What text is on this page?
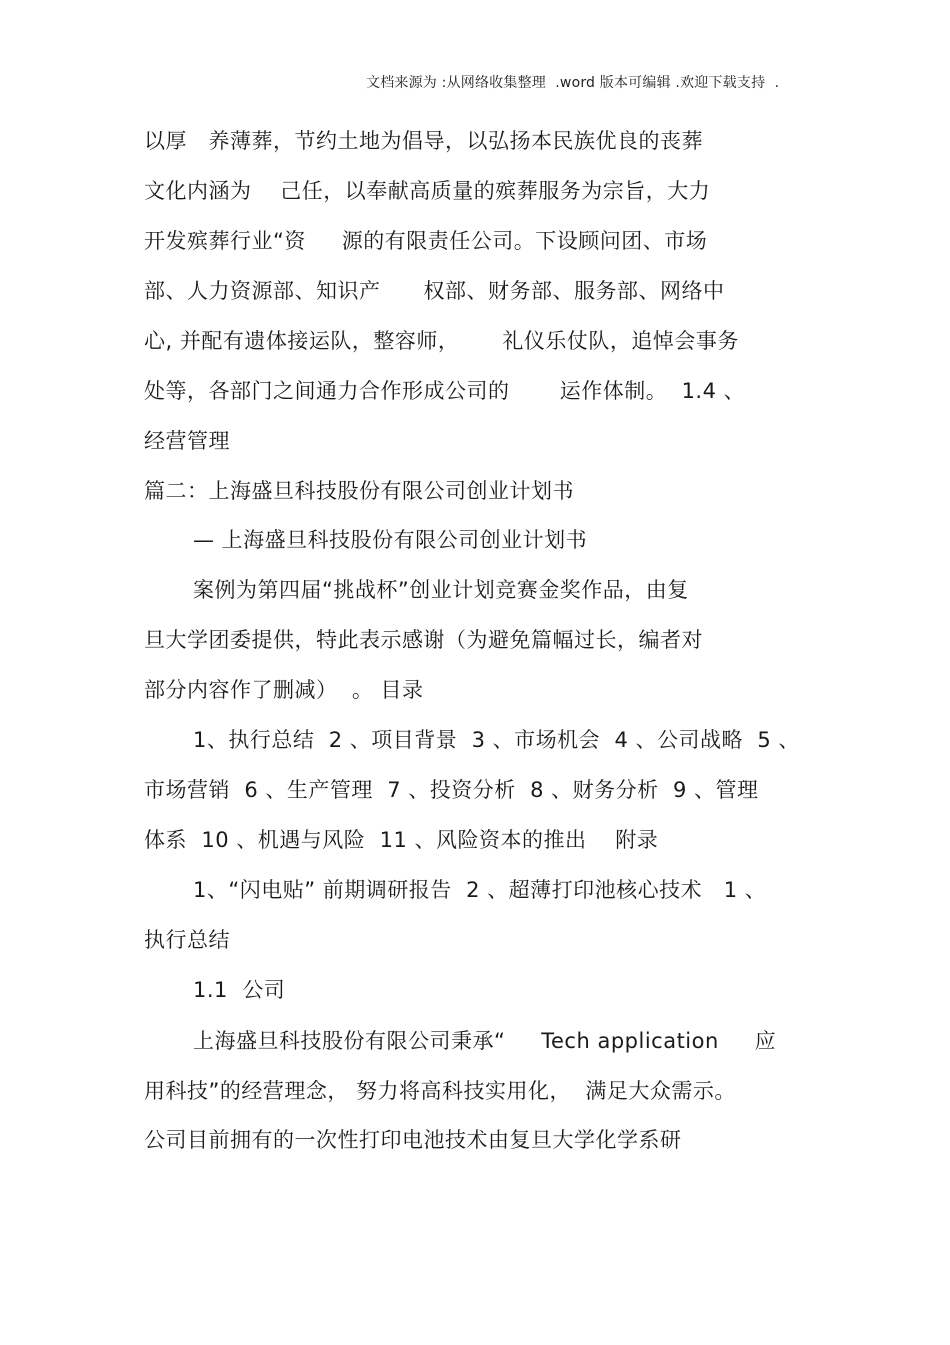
文档来源为 :从网络收集整理  .word 版本可编辑 .欢迎下载支持  .
以厚   养薄葬，节约土地为倡导，以弘扬本民族优良的丧葬
文化内涵为    己任，以奉献高质量的殡葬服务为宗旨，大力
开发殡葬行业“资     源的有限责任公司。下设顾问团、市场
部、人力资源部、知识产      权部、财务部、服务部、网络中
心, 并配有遗体接运队，整容师，      礼仪乐仗队，追悼会事务
处等，各部门之间通力合作形成公司的       运作体制。  1.4 、
经营管理
篇二：上海盛旦科技股份有限公司创业计划书
— 上海盛旦科技股份有限公司创业计划书
案例为第四届“挑战杯”创业计划竞赛金奖作品，由复
旦大学团委提供，特此表示感谢（为避免篇幅过长，编者对
部分内容作了删减）  。 目录
1、执行总结  2 、项目背景  3 、市场机会  4 、公司战略  5 、
市场营销  6 、生产管理  7 、投资分析  8 、财务分析  9 、管理
体系  10 、机遇与风险  11 、风险资本的推出    附录
1、“闪电贴” 前期调研报告  2 、超薄打印池核心技术   1 、
执行总结
1.1  公司
上海盛旦科技股份有限公司秉承“     Tech application     应
用科技”的经营理念， 努力将高科技实用化，  满足大众需示。
公司目前拥有的一次性打印电池技术由复旦大学化学系研
